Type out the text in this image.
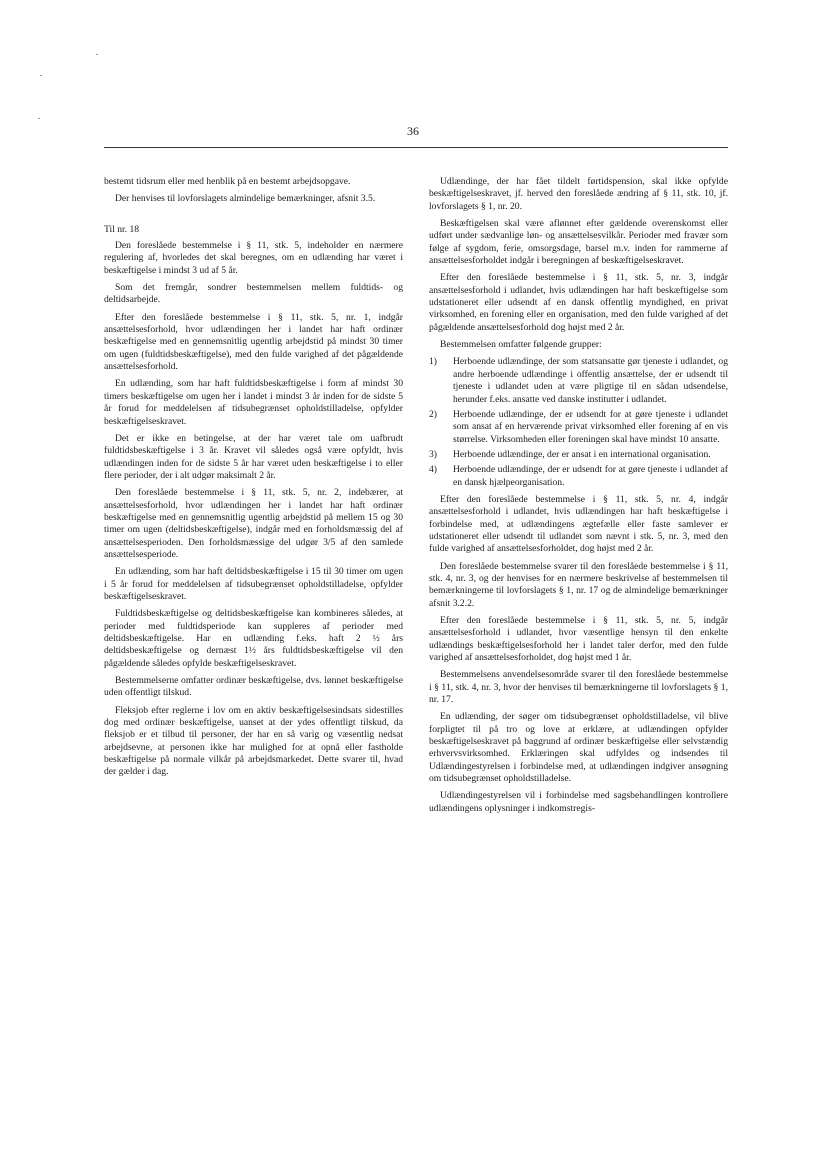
36

bestemt tidsrum eller med henblik på en bestemt arbejdsopgave.

Der henvises til lovforslagets almindelige bemærkninger, afsnit 3.5.

Til nr. 18

Den foreslåede bestemmelse i § 11, stk. 5, indeholder en nærmere regulering af, hvorledes det skal beregnes, om en udlænding har været i beskæftigelse i mindst 3 ud af 5 år.

Som det fremgår, sondrer bestemmelsen mellem fuldtids- og deltidsarbejde.

Efter den foreslåede bestemmelse i § 11, stk. 5, nr. 1, indgår ansættelsesforhold, hvor udlændingen her i landet har haft ordinær beskæftigelse med en gennemsnitlig ugentlig arbejdstid på mindst 30 timer om ugen (fuldtidsbeskæftigelse), med den fulde varighed af det pågældende ansættelsesforhold.

En udlænding, som har haft fuldtidsbeskæftigelse i form af mindst 30 timers beskæftigelse om ugen her i landet i mindst 3 år inden for de sidste 5 år forud for meddelelsen af tidsubegrænset opholdstilladelse, opfylder beskæftigelseskravet.

Det er ikke en betingelse, at der har været tale om uafbrudt fuldtidsbeskæftigelse i 3 år. Kravet vil således også være opfyldt, hvis udlændingen inden for de sidste 5 år har været uden beskæftigelse i to eller flere perioder, der i alt udgør maksimalt 2 år.

Den foreslåede bestemmelse i § 11, stk. 5, nr. 2, indebærer, at ansættelsesforhold, hvor udlændingen her i landet har haft ordinær beskæftigelse med en gennemsnitlig ugentlig arbejdstid på mellem 15 og 30 timer om ugen (deltidsbeskæftigelse), indgår med en forholdsmæssig del af ansættelsesperioden. Den forholdsmæssige del udgør 3/5 af den samlede ansættelsesperiode.

En udlænding, som har haft deltidsbeskæftigelse i 15 til 30 timer om ugen i 5 år forud for meddelelsen af tidsubegrænset opholdstilladelse, opfylder beskæftigelseskravet.

Fuldtidsbeskæftigelse og deltidsbeskæftigelse kan kombineres således, at perioder med fuldtidsperiode kan suppleres af perioder med deltidsbeskæftigelse. Har en udlænding f.eks. haft 2 ½ års deltidsbeskæftigelse og dernæst 1½ års fuldtidsbeskæftigelse vil den pågældende således opfylde beskæftigelseskravet.

Bestemmelserne omfatter ordinær beskæftigelse, dvs. lønnet beskæftigelse uden offentligt tilskud.

Fleksjob efter reglerne i lov om en aktiv beskæftigelsesindsats sidestilles dog med ordinær beskæftigelse, uanset at der ydes offentligt tilskud, da fleksjob er et tilbud til personer, der har en så varig og væsentlig nedsat arbejdsevne, at personen ikke har mulighed for at opnå eller fastholde beskæftigelse på normale vilkår på arbejdsmarkedet. Dette svarer til, hvad der gælder i dag.

Udlændinge, der har fået tildelt førtidspension, skal ikke opfylde beskæftigelseskravet, jf. herved den foreslåede ændring af § 11, stk. 10, jf. lovforslagets § 1, nr. 20.

Beskæftigelsen skal være aflønnet efter gældende overenskomst eller udført under sædvanlige løn- og ansættelsesvilkår. Perioder med fravær som følge af sygdom, ferie, omsorgsdage, barsel m.v. inden for rammerne af ansættelsesforholdet indgår i beregningen af beskæftigelseskravet.

Efter den foreslåede bestemmelse i § 11, stk. 5, nr. 3, indgår ansættelsesforhold i udlandet, hvis udlændingen har haft beskæftigelse som udstationeret eller udsendt af en dansk offentlig myndighed, en privat virksomhed, en forening eller en organisation, med den fulde varighed af det pågældende ansættelsesforhold dog højst med 2 år.

Bestemmelsen omfatter følgende grupper:

1)	Herboende udlændinge, der som statsansatte gør tjeneste i udlandet, og andre herboende udlændinge i offentlig ansættelse, der er udsendt til tjeneste i udlandet uden at være pligtige til en sådan udsendelse, herunder f.eks. ansatte ved danske institutter i udlandet.
2)	Herboende udlændinge, der er udsendt for at gøre tjeneste i udlandet som ansat af en herværende privat virksomhed eller forening af en vis størrelse. Virksomheden eller foreningen skal have mindst 10 ansatte.
3)	Herboende udlændinge, der er ansat i en international organisation.
4)	Herboende udlændinge, der er udsendt for at gøre tjeneste i udlandet af en dansk hjælpeorganisation.

Efter den foreslåede bestemmelse i § 11, stk. 5, nr. 4, indgår ansættelsesforhold i udlandet, hvis udlændingen har haft beskæftigelse i forbindelse med, at udlændingens ægtefælle eller faste samlever er udstationeret eller udsendt til udlandet som nævnt i stk. 5, nr. 3, med den fulde varighed af ansættelsesforholdet, dog højst med 2 år.

Den foreslåede bestemmelse svarer til den foreslåede bestemmelse i § 11, stk. 4, nr. 3, og der henvises for en nærmere beskrivelse af bestemmelsen til bemærkningerne til lovforslagets § 1, nr. 17 og de almindelige bemærkninger afsnit 3.2.2.

Efter den foreslåede bestemmelse i § 11, stk. 5, nr. 5, indgår ansættelsesforhold i udlandet, hvor væsentlige hensyn til den enkelte udlændings beskæftigelsesforhold her i landet taler derfor, med den fulde varighed af ansættelsesforholdet, dog højst med 1 år.

Bestemmelsens anvendelsesområde svarer til den foreslåede bestemmelse i § 11, stk. 4, nr. 3, hvor der henvises til bemærkningerne til lovforslagets § 1, nr. 17.

En udlænding, der søger om tidsubegrænset opholdstilladelse, vil blive forpligtet til på tro og love at erklære, at udlændingen opfylder beskæftigelseskravet på baggrund af ordinær beskæftigelse eller selvstændig erhvervsvirksomhed. Erklæringen skal udfyldes og indsendes til Udlændingestyrelsen i forbindelse med, at udlændingen indgiver ansøgning om tidsubegrænset opholdstilladelse.

Udlændingestyrelsen vil i forbindelse med sagsbehandlingen kontrollere udlændingens oplysninger i indkomstregis-
